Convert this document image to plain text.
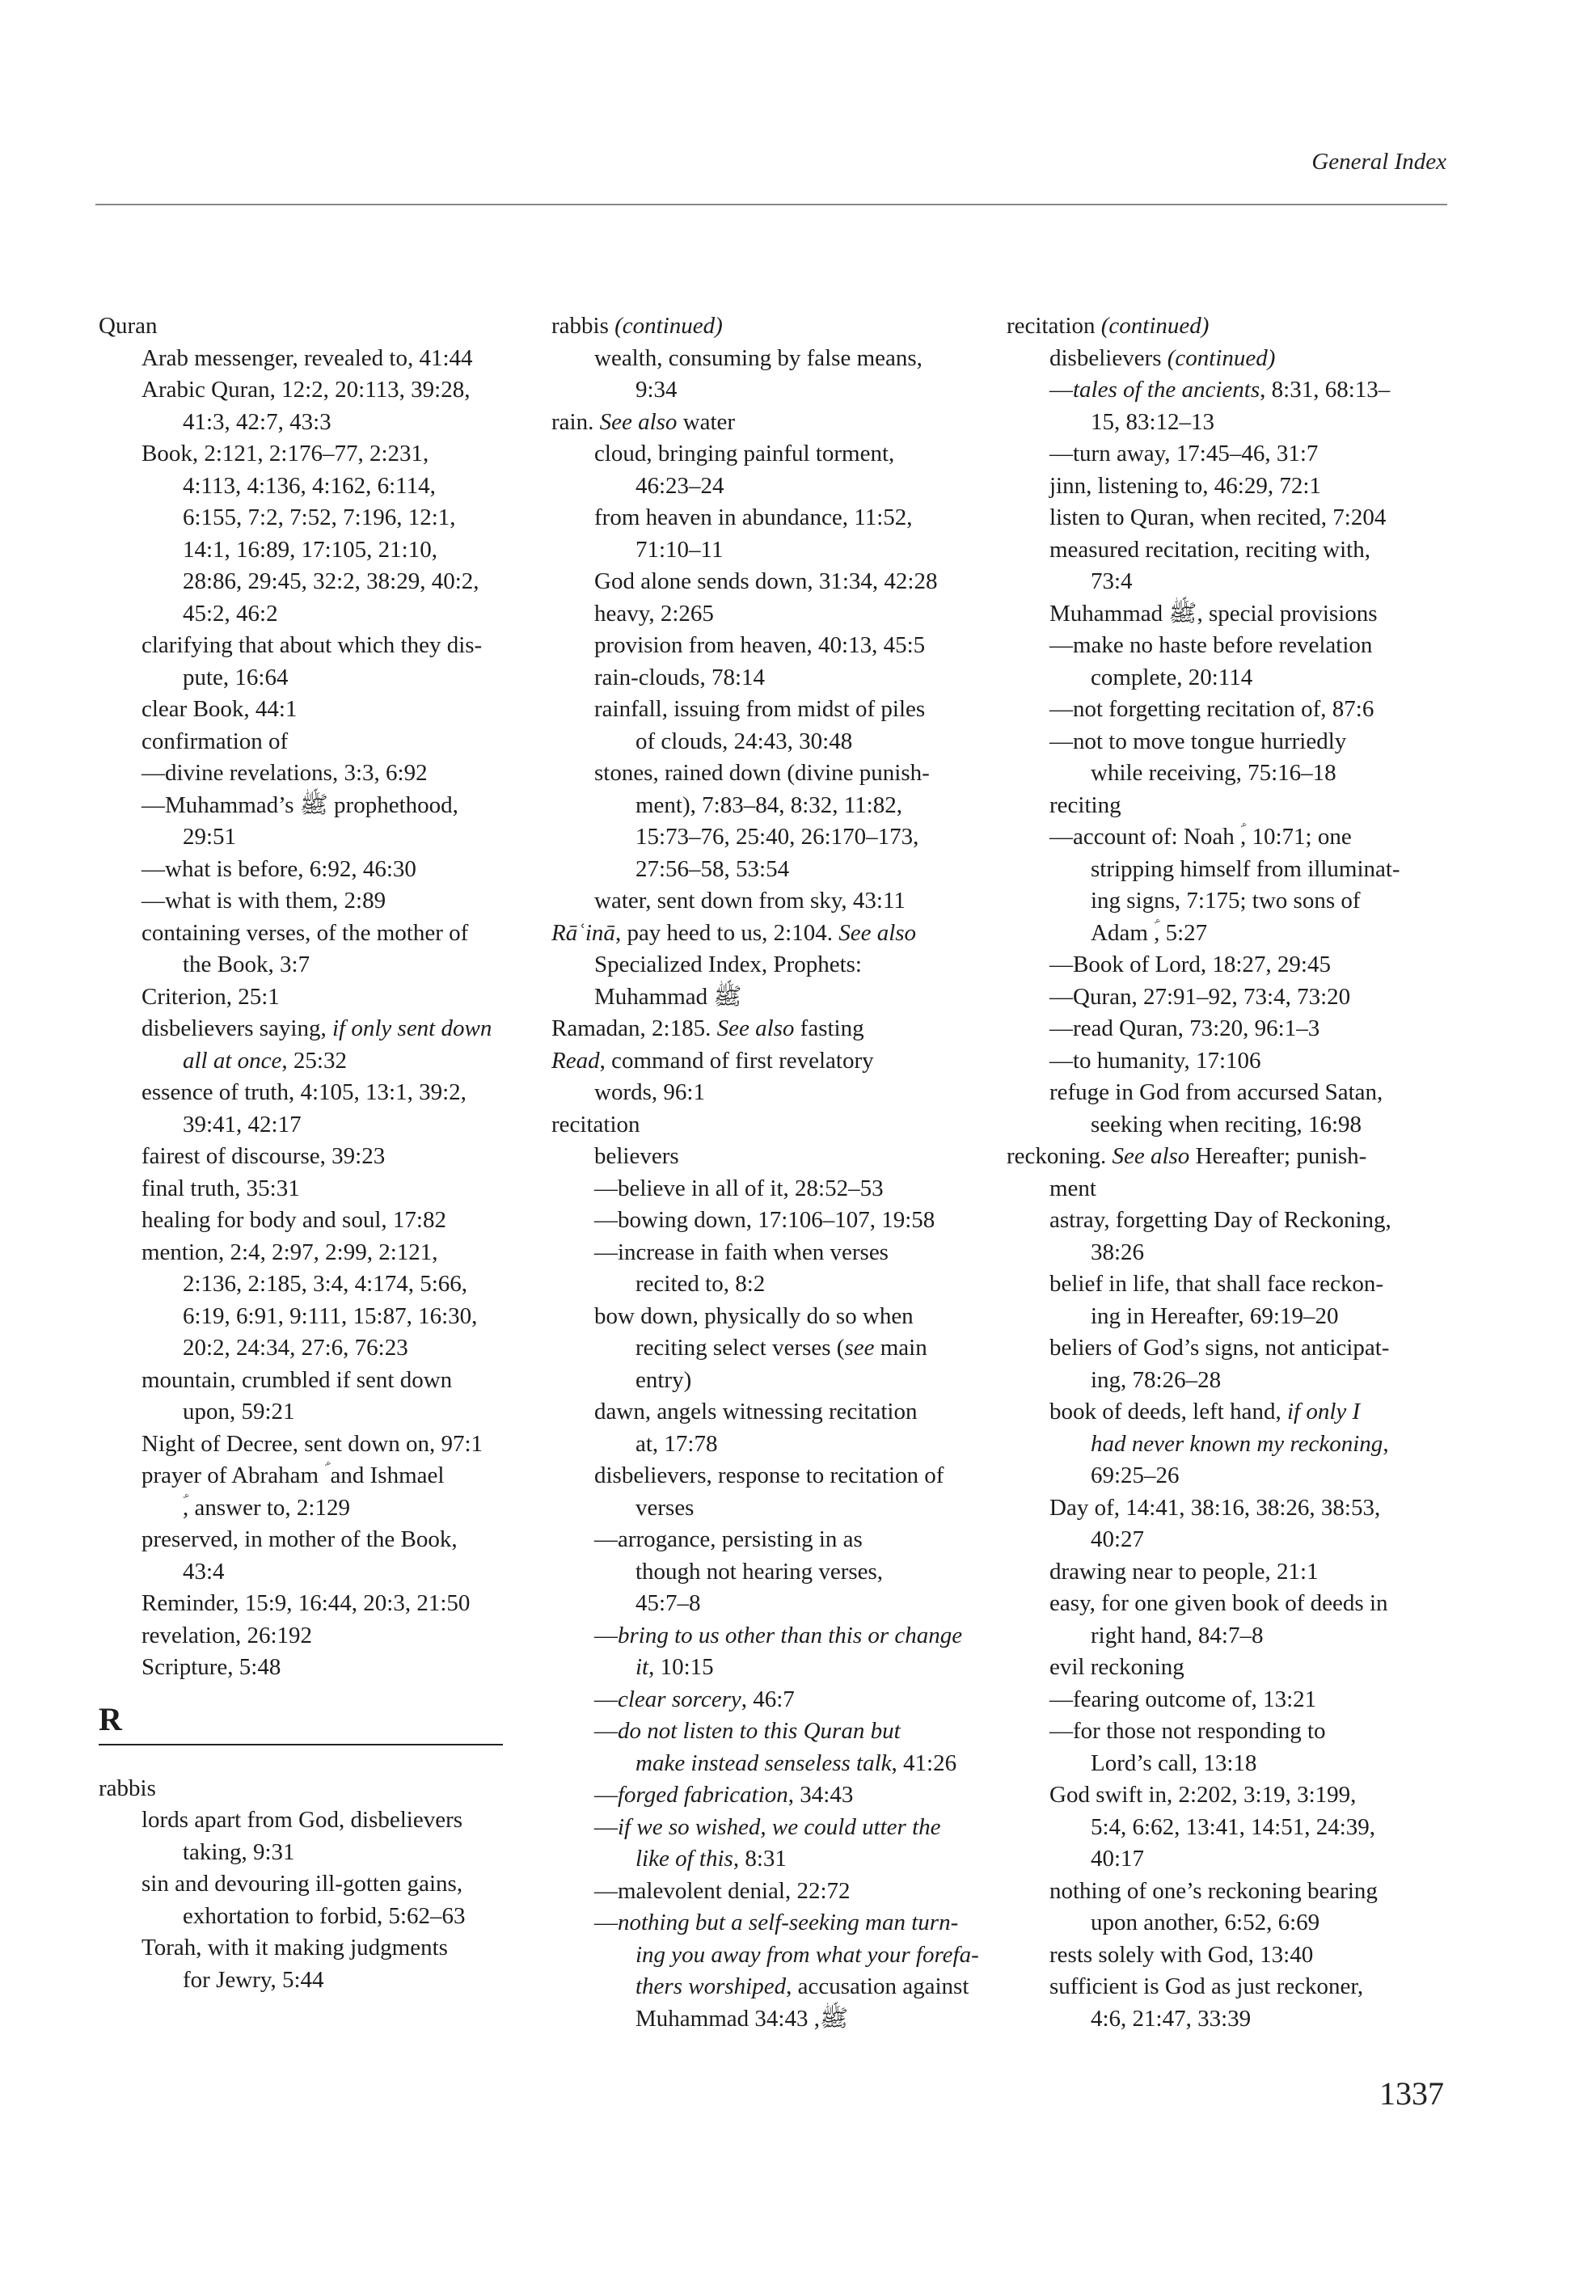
General Index
Quran
Arab messenger, revealed to, 41:44
Arabic Quran, 12:2, 20:113, 39:28,
41:3, 42:7, 43:3
Book, 2:121, 2:176–77, 2:231,
4:113, 4:136, 4:162, 6:114,
6:155, 7:2, 7:52, 7:196, 12:1,
14:1, 16:89, 17:105, 21:10,
28:86, 29:45, 32:2, 38:29, 40:2,
45:2, 46:2
clarifying that about which they dis-
pute, 16:64
clear Book, 44:1
confirmation of
—divine revelations, 3:3, 6:92
—Muhammad’s ﷺ prophethood,
29:51
—what is before, 6:92, 46:30
—what is with them, 2:89
containing verses, of the mother of
the Book, 3:7
Criterion, 25:1
disbelievers saying, if only sent down
all at once, 25:32
essence of truth, 4:105, 13:1, 39:2,
39:41, 42:17
fairest of discourse, 39:23
final truth, 35:31
healing for body and soul, 17:82
mention, 2:4, 2:97, 2:99, 2:121,
2:136, 2:185, 3:4, 4:174, 5:66,
6:19, 6:91, 9:111, 15:87, 16:30,
20:2, 24:34, 27:6, 76:23
mountain, crumbled if sent down
upon, 59:21
Night of Decree, sent down on, 97:1
prayer of Abraham ؑ and Ishmael
ؑ, answer to, 2:129
preserved, in mother of the Book,
43:4
Reminder, 15:9, 16:44, 20:3, 21:50
revelation, 26:192
Scripture, 5:48
R
rabbis
lords apart from God, disbelievers
taking, 9:31
sin and devouring ill-gotten gains,
exhortation to forbid, 5:62–63
Torah, with it making judgments
for Jewry, 5:44
rabbis (continued)
wealth, consuming by false means,
9:34
rain. See also water
cloud, bringing painful torment,
46:23–24
from heaven in abundance, 11:52,
71:10–11
God alone sends down, 31:34, 42:28
heavy, 2:265
provision from heaven, 40:13, 45:5
rain-clouds, 78:14
rainfall, issuing from midst of piles
of clouds, 24:43, 30:48
stones, rained down (divine punish-
ment), 7:83–84, 8:32, 11:82,
15:73–76, 25:40, 26:170–173,
27:56–58, 53:54
water, sent down from sky, 43:11
Rāʿinā, pay heed to us, 2:104. See also
Specialized Index, Prophets:
Muhammad ﷺ
Ramadan, 2:185. See also fasting
Read, command of first revelatory
words, 96:1
recitation
believers
—believe in all of it, 28:52–53
—bowing down, 17:106–107, 19:58
—increase in faith when verses
recited to, 8:2
bow down, physically do so when
reciting select verses (see main
entry)
dawn, angels witnessing recitation
at, 17:78
disbelievers, response to recitation of
verses
—arrogance, persisting in as
though not hearing verses,
45:7–8
—bring to us other than this or change
it, 10:15
—clear sorcery, 46:7
—do not listen to this Quran but
make instead senseless talk, 41:26
—forged fabrication, 34:43
—if we so wished, we could utter the
like of this, 8:31
—malevolent denial, 22:72
—nothing but a self-seeking man turn-
ing you away from what your forefa-
thers worshiped, accusation against
Muhammad ﷺ, 34:43
recitation (continued)
disbelievers (continued)
—tales of the ancients, 8:31, 68:13–
15, 83:12–13
—turn away, 17:45–46, 31:7
jinn, listening to, 46:29, 72:1
listen to Quran, when recited, 7:204
measured recitation, reciting with,
73:4
Muhammad ﷺ, special provisions
—make no haste before revelation
complete, 20:114
—not forgetting recitation of, 87:6
—not to move tongue hurriedly
while receiving, 75:16–18
reciting
—account of: Noah ؑ, 10:71; one
stripping himself from illuminat-
ing signs, 7:175; two sons of
Adam ؑ, 5:27
—Book of Lord, 18:27, 29:45
—Quran, 27:91–92, 73:4, 73:20
—read Quran, 73:20, 96:1–3
—to humanity, 17:106
refuge in God from accursed Satan,
seeking when reciting, 16:98
reckoning. See also Hereafter; punish-
ment
astray, forgetting Day of Reckoning,
38:26
belief in life, that shall face reckon-
ing in Hereafter, 69:19–20
beliers of God’s signs, not anticipat-
ing, 78:26–28
book of deeds, left hand, if only I
had never known my reckoning,
69:25–26
Day of, 14:41, 38:16, 38:26, 38:53,
40:27
drawing near to people, 21:1
easy, for one given book of deeds in
right hand, 84:7–8
evil reckoning
—fearing outcome of, 13:21
—for those not responding to
Lord’s call, 13:18
God swift in, 2:202, 3:19, 3:199,
5:4, 6:62, 13:41, 14:51, 24:39,
40:17
nothing of one’s reckoning bearing
upon another, 6:52, 6:69
rests solely with God, 13:40
sufficient is God as just reckoner,
4:6, 21:47, 33:39
1337
